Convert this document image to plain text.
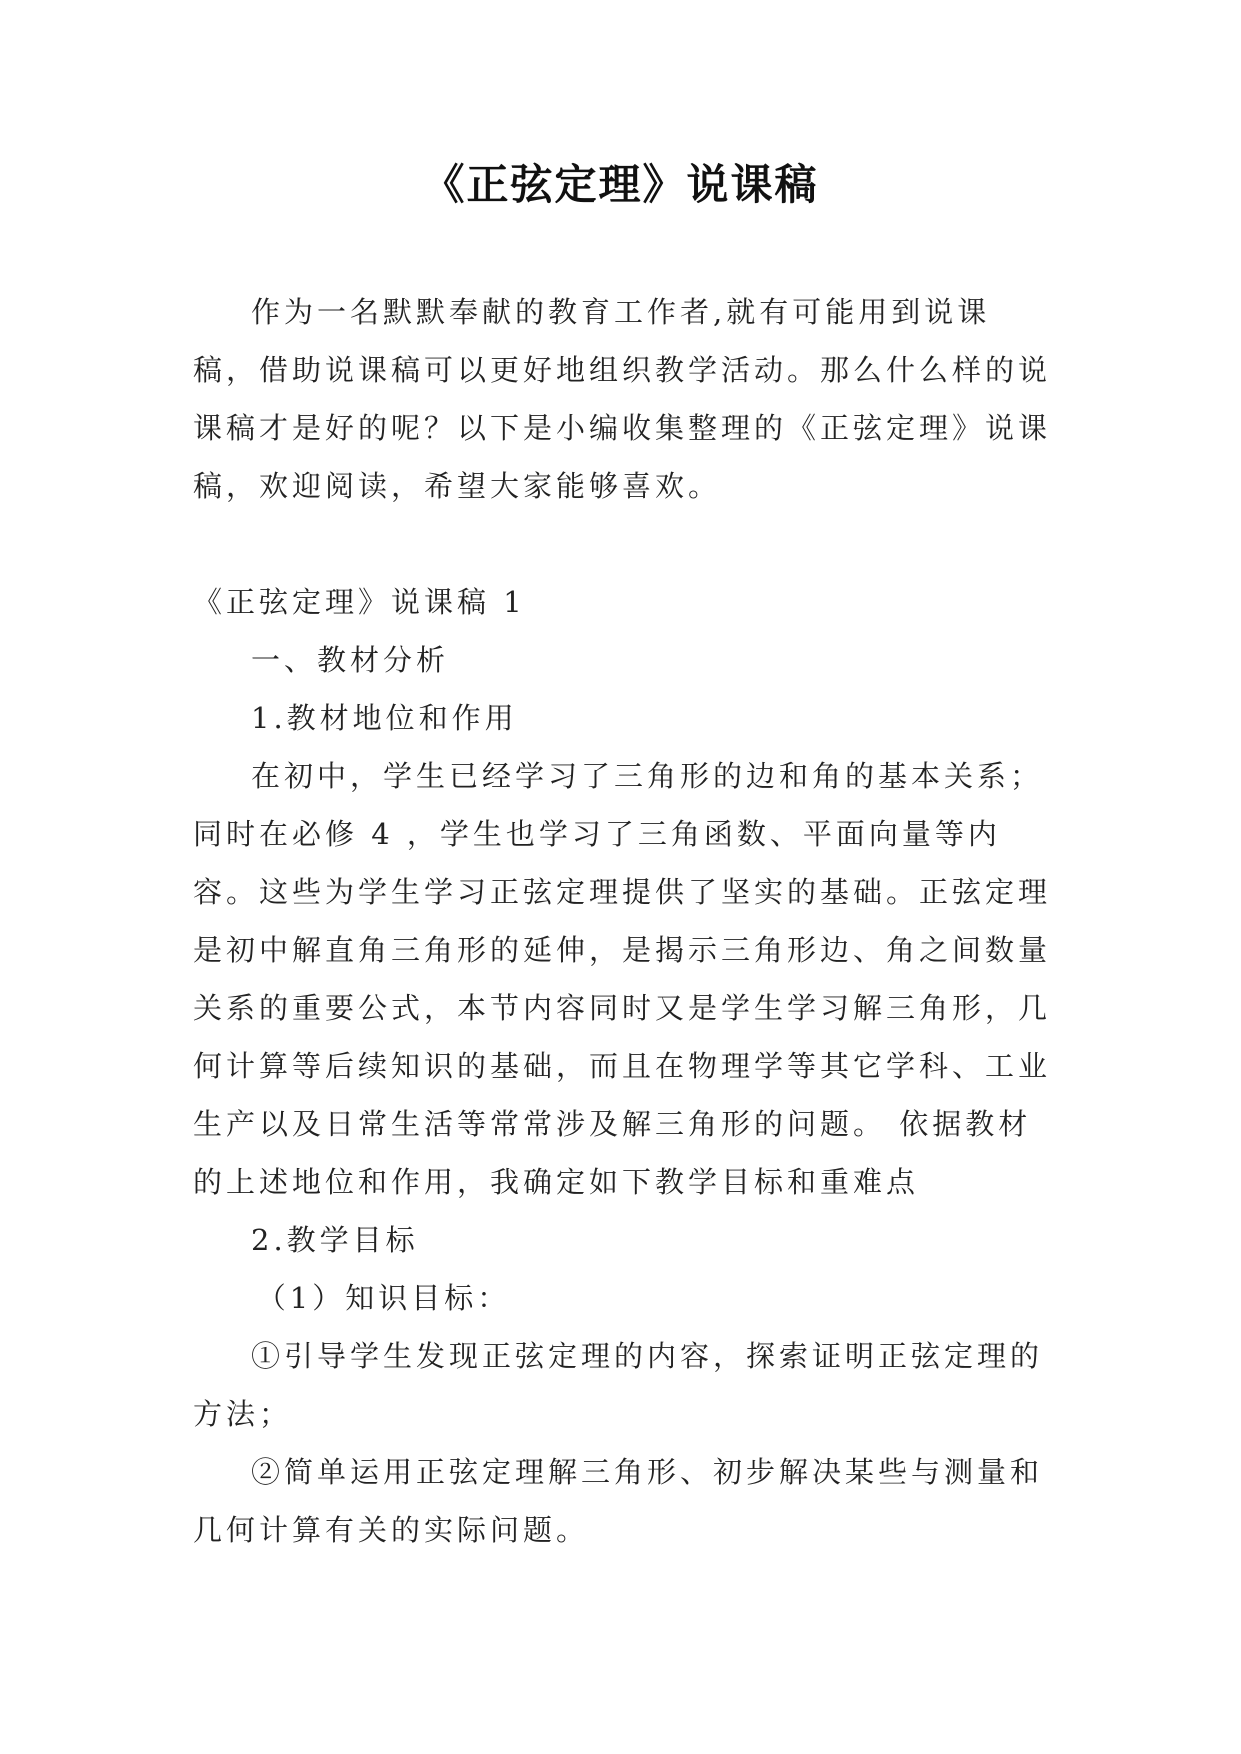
《正弦定理》说课稿

作为一名默默奉献的教育工作者,就有可能用到说课稿，借助说课稿可以更好地组织教学活动。那么什么样的说课稿才是好的呢？以下是小编收集整理的《正弦定理》说课稿，欢迎阅读，希望大家能够喜欢。

《正弦定理》说课稿 1

一、教材分析

1.教材地位和作用

在初中，学生已经学习了三角形的边和角的基本关系；同时在必修 4 ，学生也学习了三角函数、平面向量等内容。这些为学生学习正弦定理提供了坚实的基础。正弦定理是初中解直角三角形的延伸，是揭示三角形边、角之间数量关系的重要公式，本节内容同时又是学生学习解三角形，几何计算等后续知识的基础，而且在物理学等其它学科、工业生产以及日常生活等常常涉及解三角形的问题。 依据教材的上述地位和作用，我确定如下教学目标和重难点

2.教学目标

（1）知识目标：

①引导学生发现正弦定理的内容，探索证明正弦定理的方法；

②简单运用正弦定理解三角形、初步解决某些与测量和几何计算有关的实际问题。
